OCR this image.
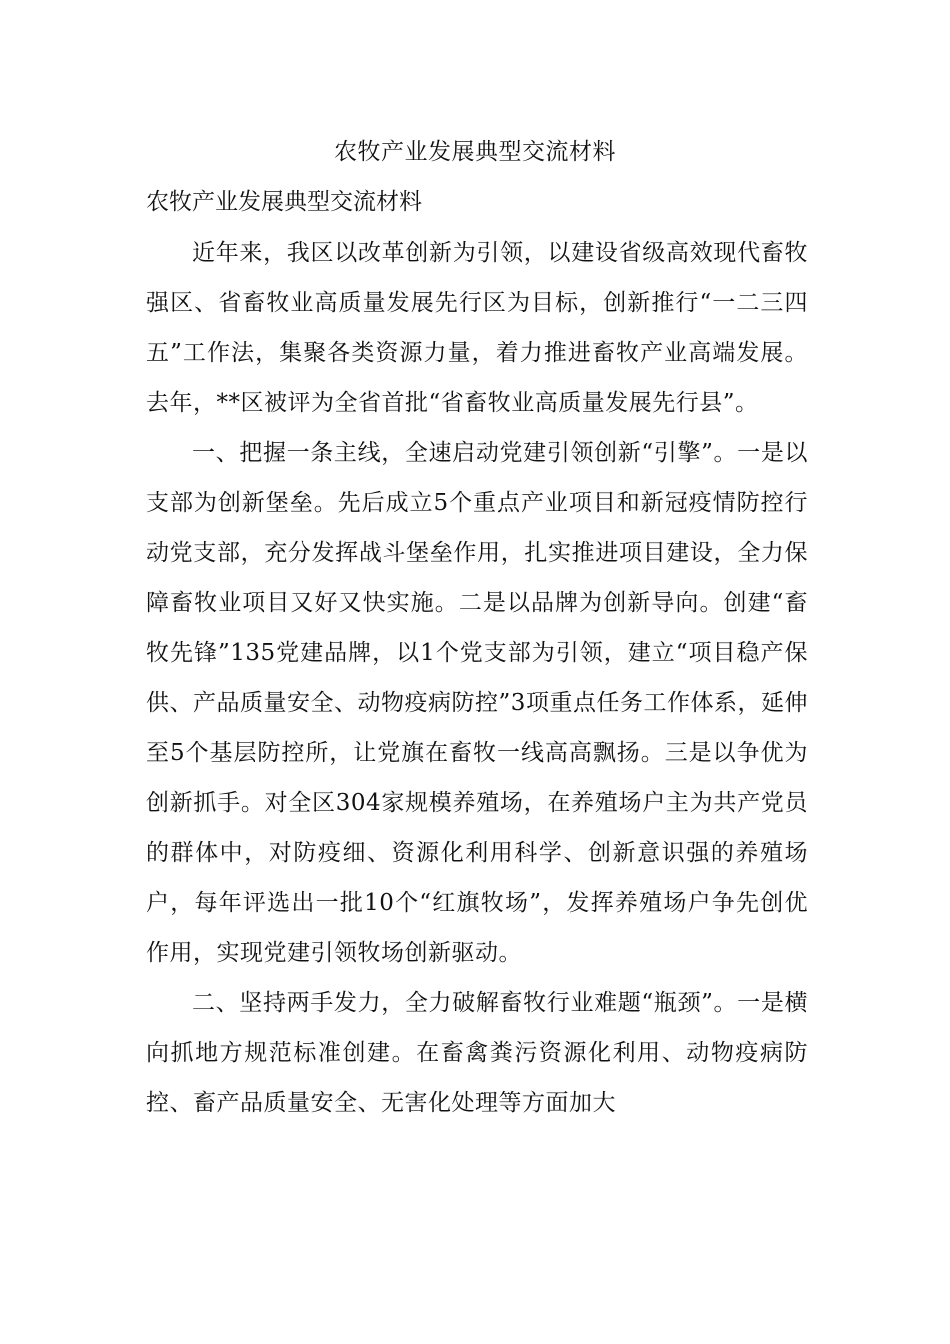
农牧产业发展典型交流材料
农牧产业发展典型交流材料

近年来，我区以改革创新为引领，以建设省级高效现代畜牧强区、省畜牧业高质量发展先行区为目标，创新推行“一二三四五”工作法，集聚各类资源力量，着力推进畜牧产业高端发展。去年，**区被评为全省首批“省畜牧业高质量发展先行县”。

一、把握一条主线，全速启动党建引领创新“引擎”。一是以支部为创新堡垒。先后成立5个重点产业项目和新冠疫情防控行动党支部，充分发挥战斗堡垒作用，扎实推进项目建设，全力保障畜牧业项目又好又快实施。二是以品牌为创新导向。创建“畜牧先锋”135党建品牌，以1个党支部为引领，建立“项目稳产保供、产品质量安全、动物疫病防控”3项重点任务工作体系，延伸至5个基层防控所，让党旗在畜牧一线高高飘扬。三是以争优为创新抓手。对全区304家规模养殖场，在养殖场户主为共产党员的群体中，对防疫细、资源化利用科学、创新意识强的养殖场户，每年评选出一批10个“红旗牧场”，发挥养殖场户争先创优作用，实现党建引领牧场创新驱动。

二、坚持两手发力，全力破解畜牧行业难题“瓶颈”。一是横向抓地方规范标准创建。在畜禽粪污资源化利用、动物疫病防控、畜产品质量安全、无害化处理等方面加大
